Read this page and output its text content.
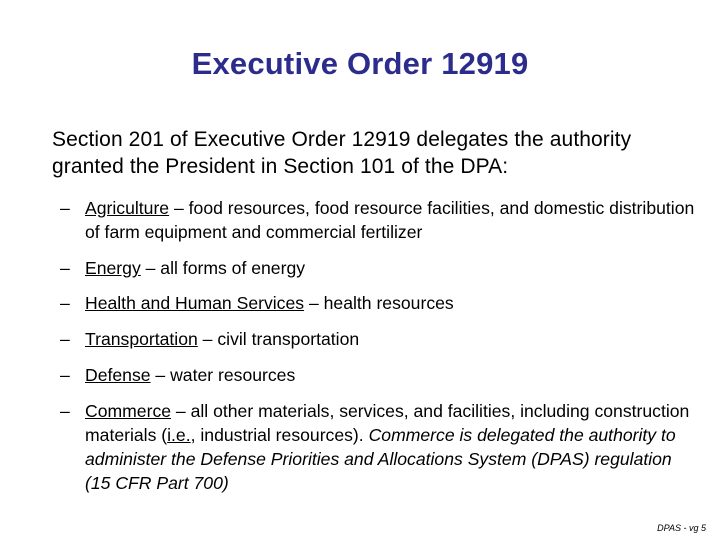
Executive Order 12919
Section 201 of Executive Order 12919 delegates the authority granted the President in Section 101 of the DPA:
– Agriculture – food resources, food resource facilities, and domestic distribution of farm equipment and commercial fertilizer
– Energy – all forms of energy
– Health and Human Services – health resources
– Transportation – civil transportation
– Defense – water resources
– Commerce – all other materials, services, and facilities, including construction materials (i.e., industrial resources). Commerce is delegated the authority to administer the Defense Priorities and Allocations System (DPAS) regulation (15 CFR Part 700)
DPAS - vg 5
